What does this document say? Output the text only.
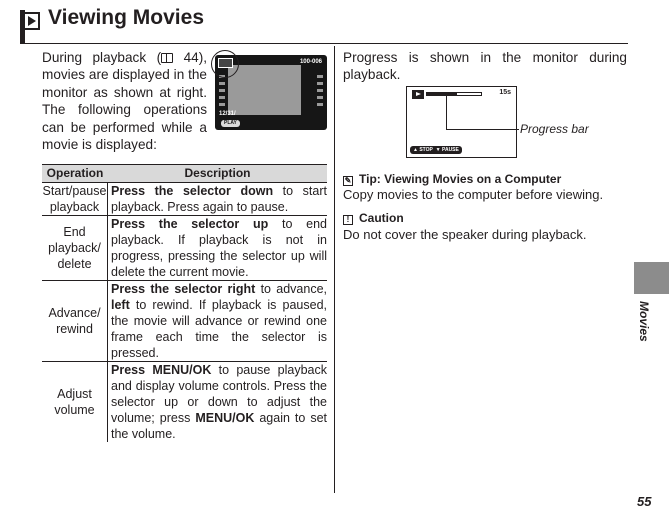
Viewing Movies

During playback ( 44), movies are displayed in the monitor as shown at right. The following operations can be performed while a movie is displayed:

100-006
12/31/
PLAY
Operation	Description
Start/pause playback
Press the selector down to start playback. Press again to pause.
End playback/ delete
Press the selector up to end playback. If playback is not in progress, pressing the selector up will delete the current movie.
Advance/ rewind
Press the selector right to advance, left to rewind. If playback is paused, the movie will advance or rewind one frame each time the selector is pressed.
Adjust volume
Press MENU/OK to pause playback and display volume controls. Press the selector up or down to adjust the volume; press MENU/OK again to set the volume.

Progress is shown in the monitor during playback.

15s
▲ STOP  ▼ PAUSE
Progress bar
✎ Tip: Viewing Movies on a Computer
Copy movies to the computer before viewing.
! Caution
Do not cover the speaker during playback.
Movies
55
